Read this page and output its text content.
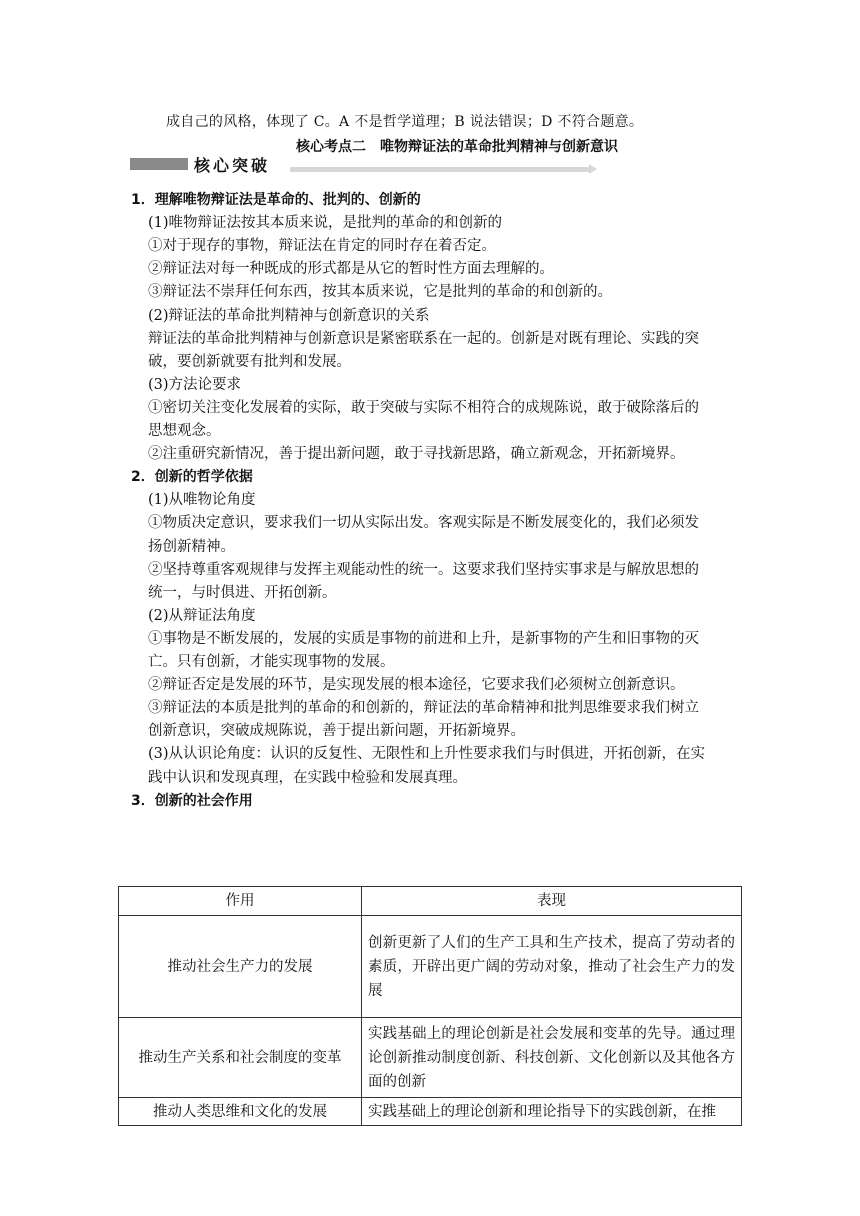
成自己的风格，体现了 C。A 不是哲学道理；B 说法错误；D 不符合题意。
核心考点二　唯物辩证法的革命批判精神与创新意识
核心突破
1．理解唯物辩证法是革命的、批判的、创新的
(1)唯物辩证法按其本质来说，是批判的革命的和创新的
①对于现存的事物，辩证法在肯定的同时存在着否定。
②辩证法对每一种既成的形式都是从它的暂时性方面去理解的。
③辩证法不崇拜任何东西，按其本质来说，它是批判的革命的和创新的。
(2)辩证法的革命批判精神与创新意识的关系
辩证法的革命批判精神与创新意识是紧密联系在一起的。创新是对既有理论、实践的突
破，要创新就要有批判和发展。
(3)方法论要求
①密切关注变化发展着的实际，敢于突破与实际不相符合的成规陈说，敢于破除落后的
思想观念。
②注重研究新情况，善于提出新问题，敢于寻找新思路，确立新观念，开拓新境界。
2．创新的哲学依据
(1)从唯物论角度
①物质决定意识，要求我们一切从实际出发。客观实际是不断发展变化的，我们必须发
扬创新精神。
②坚持尊重客观规律与发挥主观能动性的统一。这要求我们坚持实事求是与解放思想的
统一，与时俱进、开拓创新。
(2)从辩证法角度
①事物是不断发展的，发展的实质是事物的前进和上升，是新事物的产生和旧事物的灭
亡。只有创新，才能实现事物的发展。
②辩证否定是发展的环节，是实现发展的根本途径，它要求我们必须树立创新意识。
③辩证法的本质是批判的革命的和创新的，辩证法的革命精神和批判思维要求我们树立
创新意识，突破成规陈说，善于提出新问题，开拓新境界。
(3)从认识论角度：认识的反复性、无限性和上升性要求我们与时俱进，开拓创新，在实
践中认识和发现真理，在实践中检验和发展真理。
3．创新的社会作用
作用	表现
推动社会生产力的发展	创新更新了人们的生产工具和生产技术，提高了劳动者的素质，开辟出更广阔的劳动对象，推动了社会生产力的发展
推动生产关系和社会制度的变革	实践基础上的理论创新是社会发展和变革的先导。通过理论创新推动制度创新、科技创新、文化创新以及其他各方面的创新
推动人类思维和文化的发展	实践基础上的理论创新和理论指导下的实践创新，在推
